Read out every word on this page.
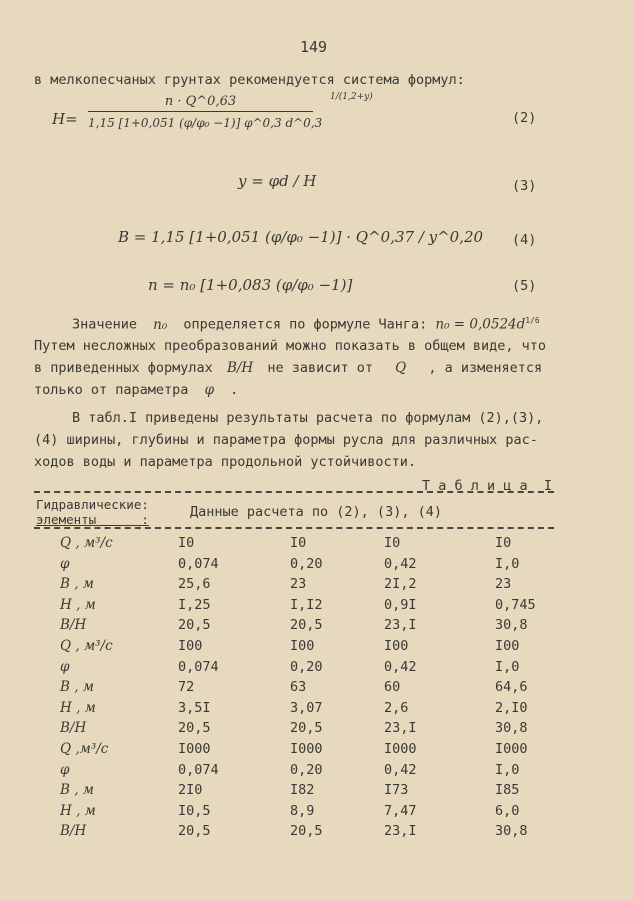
149
в мелкопесчаных грунтах рекомендуется система формул:
H=
n · Q^0,63
1,15 [1+0,051 (φ/φ₀ −1)] φ^0,3 d^0,3
1/(1,2+y)
(2)
y = φd / H	(3)
B = 1,15 [1+0,051 (φ/φ₀ −1)] · Q^0,37 / y^0,20 (4)
n = n₀ [1+0,083 (φ/φ₀ −1)]	(5)
Значение n₀ определяется по формуле Чанга: $n_0 = 0,0524d^{1/6}$
Путем несложных преобразований можно показать в общем виде, что
в приведенных формулах B/H не зависит от Q , а изменяется
только от параметра φ .
В табл.I приведены результаты расчета по формулам (2),(3),
(4) ширины, глубины и параметра формы русла для различных рас-
ходов воды и параметра продольной устойчивости.
Т а б л и ц а  I
Гидравлические:
элементы      :	Данные расчета по (2), (3), (4)
Q , м³/с	I0	I0	I0	I0
φ	0,074	0,20	0,42	I,0
B , м	25,6	23	2I,2	23
H , м	I,25	I,I2	0,9I	0,745
B/H	20,5	20,5	23,I	30,8
Q , м³/с	I00	I00	I00	I00
φ	0,074	0,20	0,42	I,0
B , м	72	63	60	64,6
H , м	3,5I	3,07	2,6	2,I0
B/H	20,5	20,5	23,I	30,8
Q ,м³/с	I000	I000	I000	I000
φ	0,074	0,20	0,42	I,0
B , м	2I0	I82	I73	I85
H , м	I0,5	8,9	7,47	6,0
B/H	20,5	20,5	23,I	30,8
